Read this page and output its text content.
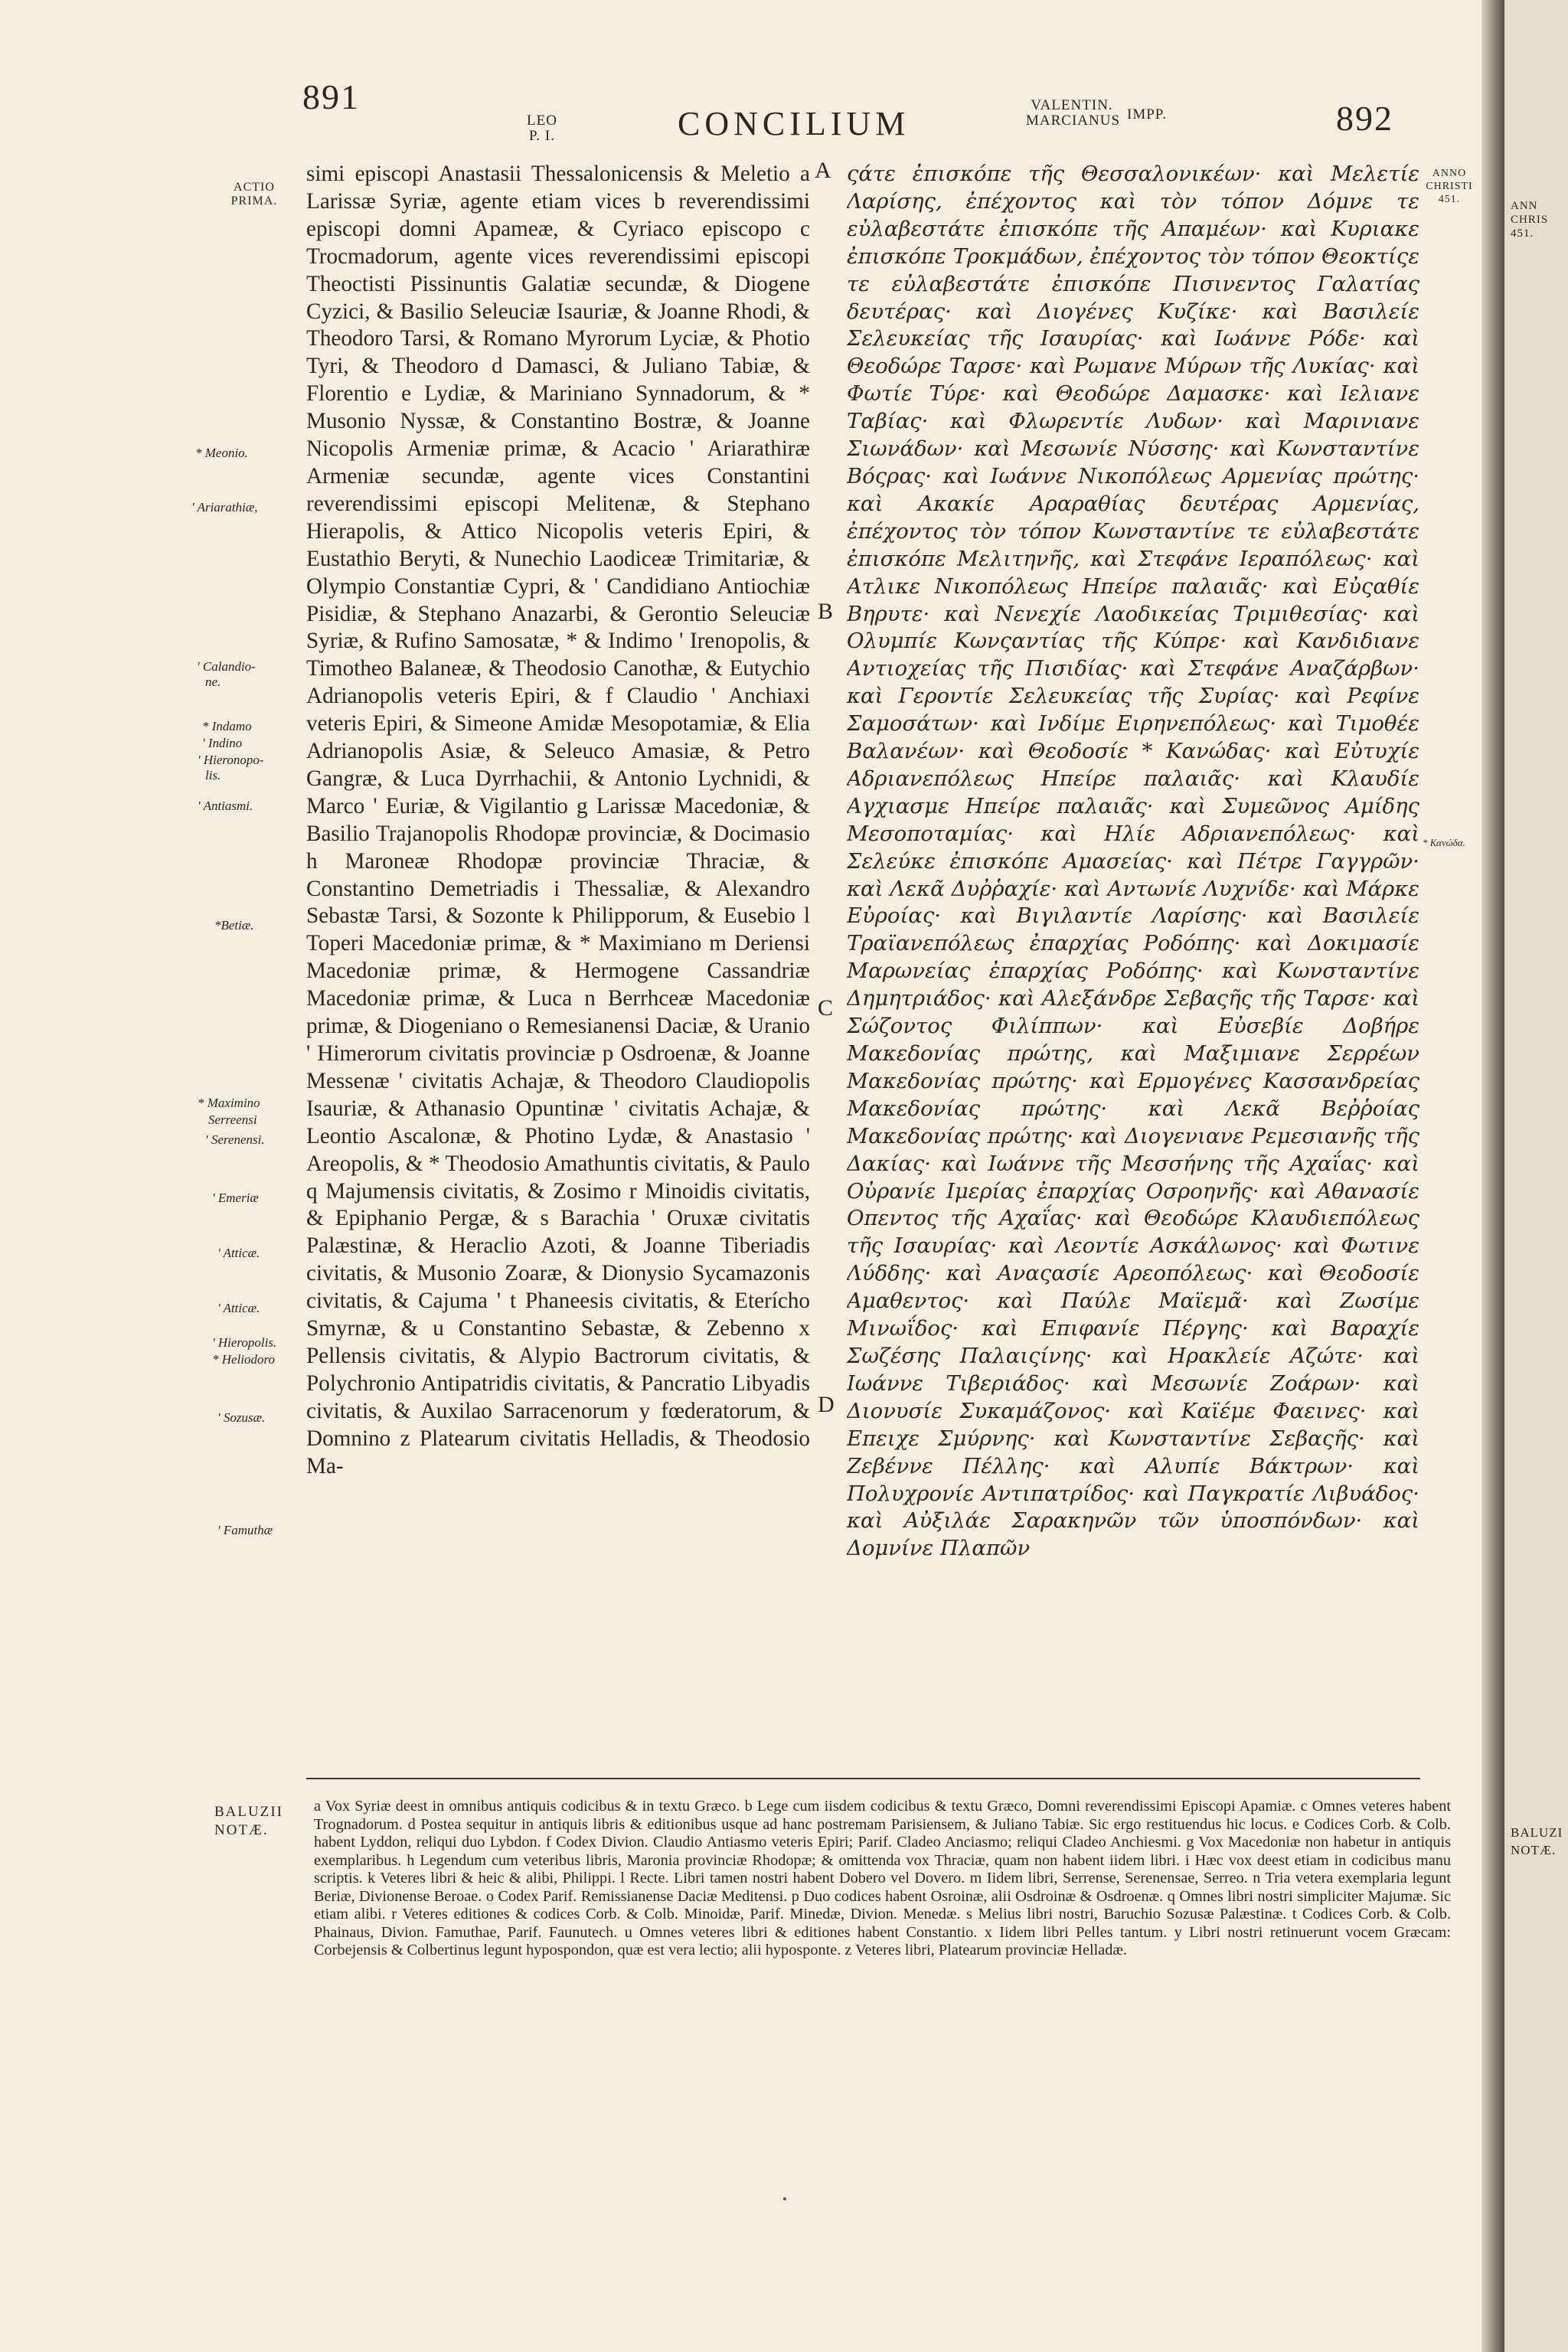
891
LEO
P. I.	CONCILIUM	VALENTIN.
MARCIANUS IMPP.	892
ACTIO
PRIMA.
* Meonio.
' Ariarathiæ,
' Calandio-
ne.
* Indamo
' Indino
' Hieronopo-
lis.
' Antiasmi.
*Betiæ.
* Maximino
Serreensi
' Serenensi.
' Emeriæ
' Atticæ.
' Atticæ.
' Hieropolis.
* Heliodoro
' Sozusæ.
' Famuthæ
ANNO
CHRISTI
451.
* Κανώδα.
A
B
C
D

simi episcopi Anastasii Thessalonicensis & Meletio a Larissæ Syriæ, agente etiam vices b reverendissimi episcopi domni Apameæ, & Cyriaco episcopo c Trocmadorum, agente vices reverendissimi episcopi Theoctisti Pissinuntis Galatiæ secundæ, & Diogene Cyzici, & Basilio Seleuciæ Isauriæ, & Joanne Rhodi, & Theodoro Tarsi, & Romano Myrorum Lyciæ, & Photio Tyri, & Theodoro d Damasci, & Juliano Tabiæ, & Florentio e Lydiæ, & Mariniano Synnadorum, & * Musonio Nyssæ, & Constantino Bostræ, & Joanne Nicopolis Armeniæ primæ, & Acacio ' Ariarathiræ Armeniæ secundæ, agente vices Constantini reverendissimi episcopi Melitenæ, & Stephano Hierapolis, & Attico Nicopolis veteris Epiri, & Eustathio Beryti, & Nunechio Laodiceæ Trimitariæ, & Olympio Constantiæ Cypri, & ' Candidiano Antiochiæ Pisidiæ, & Stephano Anazarbi, & Gerontio Seleuciæ Syriæ, & Rufino Samosatæ, * & Indimo ' Irenopolis, & Timotheo Balaneæ, & Theodosio Canothæ, & Eutychio Adrianopolis veteris Epiri, & f Claudio ' Anchiaxi veteris Epiri, & Simeone Amidæ Mesopotamiæ, & Elia Adrianopolis Asiæ, & Seleuco Amasiæ, & Petro Gangræ, & Luca Dyrrhachii, & Antonio Lychnidi, & Marco ' Euriæ, & Vigilantio g Larissæ Macedoniæ, & Basilio Trajanopolis Rhodopæ provinciæ, & Docimasio h Maroneæ Rhodopæ provinciæ Thraciæ, & Constantino Demetriadis i Thessaliæ, & Alexandro Sebastæ Tarsi, & Sozonte k Philipporum, & Eusebio l Toperi Macedoniæ primæ, & * Maximiano m Deriensi Macedoniæ primæ, & Hermogene Cassandriæ Macedoniæ primæ, & Luca n Berrhceæ Macedoniæ primæ, & Diogeniano o Remesianensi Daciæ, & Uranio ' Himerorum civitatis provinciæ p Osdroenæ, & Joanne Messenæ ' civitatis Achajæ, & Theodoro Claudiopolis Isauriæ, & Athanasio Opuntinæ ' civitatis Achajæ, & Leontio Ascalonæ, & Photino Lydæ, & Anastasio ' Areopolis, & * Theodosio Amathuntis civitatis, & Paulo q Majumensis civitatis, & Zosimo r Minoidis civitatis, & Epiphanio Pergæ, & s Barachia ' Oruxæ civitatis Palæstinæ, & Heraclio Azoti, & Joanne Tiberiadis civitatis, & Musonio Zoaræ, & Dionysio Sycamazonis civitatis, & Cajuma ' t Phaneesis civitatis, & Eterícho Smyrnæ, & u Constantino Sebastæ, & Zebenno x Pellensis civitatis, & Alypio Bactrorum civitatis, & Polychronio Antipatridis civitatis, & Pancratio Libyadis civitatis, & Auxilao Sarracenorum y fœderatorum, & Domnino z Platearum civitatis Helladis, & Theodosio Ma-

ςάτε ἐπισκόπε τῆς Θεσσαλονικέων· καὶ Μελετίε Λαρίσης, ἐπέχοντος καὶ τὸν τόπον Δόμνε τε εὐλαβεστάτε ἐπισκόπε τῆς Απαμέων· καὶ Κυριακε ἐπισκόπε Τροκμάδων, ἐπέχοντος τὸν τόπον Θεοκτίςε τε εὐλαβεστάτε ἐπισκόπε Πισινεντος Γαλατίας δευτέρας· καὶ Διογένες Κυζίκε· καὶ Βασιλείε Σελευκείας τῆς Ισαυρίας· καὶ Ιωάννε Ρόδε· καὶ Θεοδώρε Ταρσε· καὶ Ρωμανε Μύρων τῆς Λυκίας· καὶ Φωτίε Τύρε· καὶ Θεοδώρε Δαμασκε· καὶ Ιελιανε Ταβίας· καὶ Φλωρεντίε Λυδων· καὶ Μαρινιανε Σιωνάδων· καὶ Μεσωνίε Νύσσης· καὶ Κωνσταντίνε Βόςρας· καὶ Ιωάννε Νικοπόλεως Αρμενίας πρώτης· καὶ Ακακίε Αραραθίας δευτέρας Αρμενίας, ἐπέχοντος τὸν τόπον Κωνσταντίνε τε εὐλαβεστάτε ἐπισκόπε Μελιτηνῆς, καὶ Στεφάνε Ιεραπόλεως· καὶ Ατλικε Νικοπόλεως Ηπείρε παλαιᾶς· καὶ Εὐςαθίε Βηρυτε· καὶ Νενεχίε Λαοδικείας Τριμιθεσίας· καὶ Ολυμπίε Κωνςαντίας τῆς Κύπρε· καὶ Κανδιδιανε Αντιοχείας τῆς Πισιδίας· καὶ Στεφάνε Αναζάρβων· καὶ Γεροντίε Σελευκείας τῆς Συρίας· καὶ Ρεφίνε Σαμοσάτων· καὶ Ινδίμε Ειρηνεπόλεως· καὶ Τιμοθέε Βαλανέων· καὶ Θεοδοσίε * Κανώδας· καὶ Εὐτυχίε Αδριανεπόλεως Ηπείρε παλαιᾶς· καὶ Κλαυδίε Αγχιασμε Ηπείρε παλαιᾶς· καὶ Συμεῶνος Αμίδης Μεσοποταμίας· καὶ Ηλίε Αδριανεπόλεως· καὶ Σελεύκε ἐπισκόπε Αμασείας· καὶ Πέτρε Γαγγρῶν· καὶ Λεκᾶ Δυῤῥαχίε· καὶ Αντωνίε Λυχνίδε· καὶ Μάρκε Εὐροίας· καὶ Βιγιλαντίε Λαρίσης· καὶ Βασιλείε Τραϊανεπόλεως ἐπαρχίας Ροδόπης· καὶ Δοκιμασίε Μαρωνείας ἐπαρχίας Ροδόπης· καὶ Κωνσταντίνε Δημητριάδος· καὶ Αλεξάνδρε Σεβαςῆς τῆς Ταρσε· καὶ Σώζοντος Φιλίππων· καὶ Εὐσεβίε Δοβήρε Μακεδονίας πρώτης, καὶ Μαξιμιανε Σερρέων Μακεδονίας πρώτης· καὶ Ερμογένες Κασσανδρείας Μακεδονίας πρώτης· καὶ Λεκᾶ Βεῤῥοίας Μακεδονίας πρώτης· καὶ Διογενιανε Ρεμεσιανῆς τῆς Δακίας· καὶ Ιωάννε τῆς Μεσσήνης τῆς Αχαΐας· καὶ Οὐρανίε Ιμερίας ἐπαρχίας Οσροηνῆς· καὶ Αθανασίε Οπεντος τῆς Αχαΐας· καὶ Θεοδώρε Κλαυδιεπόλεως τῆς Ισαυρίας· καὶ Λεοντίε Ασκάλωνος· καὶ Φωτινε Λύδδης· καὶ Αναςασίε Αρεοπόλεως· καὶ Θεοδοσίε Αμαθεντος· καὶ Παύλε Μαϊεμᾶ· καὶ Ζωσίμε Μινωΐδος· καὶ Επιφανίε Πέργης· καὶ Βαραχίε Σωζέσης Παλαιςίνης· καὶ Ηρακλείε Αζώτε· καὶ Ιωάννε Τιβεριάδος· καὶ Μεσωνίε Ζοάρων· καὶ Διονυσίε Συκαμάζονος· καὶ Καϊέμε Φαεινες· καὶ Επειχε Σμύρνης· καὶ Κωνσταντίνε Σεβαςῆς· καὶ Ζεβέννε Πέλλης· καὶ Αλυπίε Βάκτρων· καὶ Πολυχρονίε Αντιπατρίδος· καὶ Παγκρατίε Λιβυάδος· καὶ Αὐξιλάε Σαρακηνῶν τῶν ὑποσπόνδων· καὶ Δομνίνε Πλαπῶν

BALUZII
NOTÆ.

a Vox Syriæ deest in omnibus antiquis codicibus & in textu Græco. b Lege cum iisdem codicibus & textu Græco, Domni reverendissimi Episcopi Apamiæ. c Omnes veteres habent Trognadorum. d Postea sequitur in antiquis libris & editionibus usque ad hanc postremam Parisiensem, & Juliano Tabiæ. Sic ergo restituendus hic locus. e Codices Corb. & Colb. habent Lyddon, reliqui duo Lybdon. f Codex Divion. Claudio Antiasmo veteris Epiri; Parif. Cladeo Anciasmo; reliqui Cladeo Anchiesmi. g Vox Macedoniæ non habetur in antiquis exemplaribus. h Legendum cum veteribus libris, Maronia provinciæ Rhodopæ; & omittenda vox Thraciæ, quam non habent iidem libri. i Hæc vox deest etiam in codicibus manu scriptis. k Veteres libri & heic & alibi, Philippi. l Recte. Libri tamen nostri habent Dobero vel Dovero. m Iidem libri, Serrense, Serenensae, Serreo. n Tria vetera exemplaria legunt Beriæ, Divionense Beroae. o Codex Parif. Remissianense Daciæ Meditensi. p Duo codices habent Osroinæ, alii Osdroinæ & Osdroenæ. q Omnes libri nostri simpliciter Majumæ. Sic etiam alibi. r Veteres editiones & codices Corb. & Colb. Minoidæ, Parif. Minedæ, Divion. Menedæ. s Melius libri nostri, Baruchio Sozusæ Palæstinæ. t Codices Corb. & Colb. Phainaus, Divion. Famuthae, Parif. Faunutech. u Omnes veteres libri & editiones habent Constantio. x Iidem libri Pelles tantum. y Libri nostri retinuerunt vocem Græcam: Corbejensis & Colbertinus legunt hypospondon, quæ est vera lectio; alii hyposponte. z Veteres libri, Platearum provinciæ Helladæ.

ANN
CHRIS
451.
BALUZI
NOTÆ.
